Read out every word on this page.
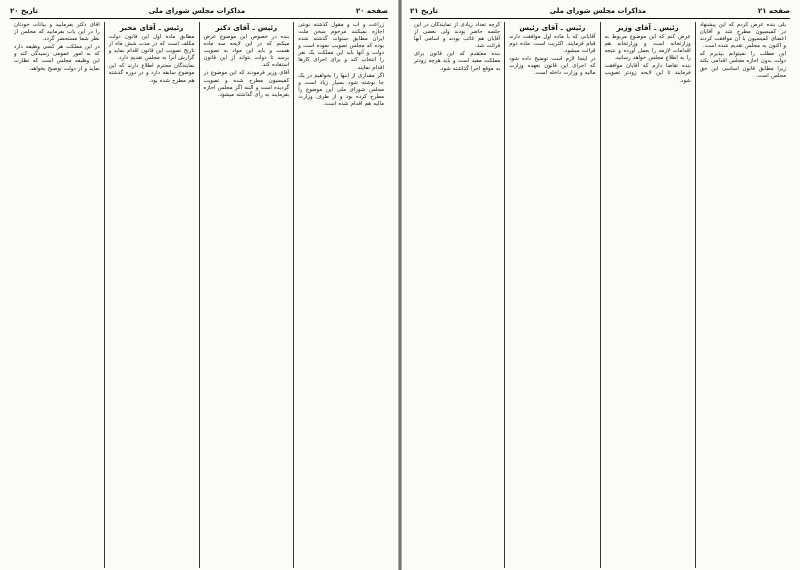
صفحه ۲۰
مذاکرات مجلس شورای ملی
تاریخ ۲۰

زراعت و آب و مقول گذشته نوبتی اجازه نمیکنند مرحوم سخن ملت ایران مطابق سنوات گذشته شده بوده که مجلس تصویب نموده است و دولت و آنها باید این مملکت یک نفر را انتخاب کند و برای اجرای کارها اقدام نمایند.

اگر مقداری از اینها را بخواهیم در یک جا نوشته شود بسیار زیاد است و مجلس شورای ملی این موضوع را مطرح کرده بود و از طرف وزارت مالیه هم اقدام شده است.

رئیس ـ آقای دکتر

بنده در خصوص این موضوع عرض میکنم که در این لایحه سه ماده هست و باید این مواد به تصویب برسد تا دولت بتواند از این قانون استفاده کند.

آقای وزیر فرمودند که این موضوع در کمیسیون مطرح شده و تصویب گردیده است و البته اگر مجلس اجازه بفرمایند به رأی گذاشته میشود.

رئیس ـ آقای مخبر

مطابق ماده اول این قانون دولت مکلف است که در مدت شش ماه از تاریخ تصویب این قانون اقدام نماید و گزارش آنرا به مجلس تقدیم دارد.

نمایندگان محترم اطلاع دارند که این موضوع سابقه دارد و در دوره گذشته هم مطرح شده بود.

آقای دکتر بفرمایید و بیانات خودتان را در این باب بفرمایید که مجلس از نظر شما مستحضر گردد.

در این مملکت هر کسی وظیفه دارد که به امور عمومی رسیدگی کند و این وظیفه مجلس است که نظارت نماید و از دولت توضیح بخواهد.

صفحه ۲۱
مذاکرات مجلس شورای ملی
تاریخ ۲۱

بلی بنده عرض کردم که این پیشنهاد در کمیسیون مطرح شد و آقایان اعضای کمیسیون با آن موافقت کردند و اکنون به مجلس تقدیم شده است.

این مطلب را نمیتوانم بپذیرم که دولت بدون اجازه مجلس اقدامی بکند زیرا مطابق قانون اساسی این حق مجلس است.

رئیس ـ آقای وزیر

عرض کنم که این موضوع مربوط به وزارتخانه است و وزارتخانه هم اقدامات لازمه را بعمل آورده و نتیجه را به اطلاع مجلس خواهد رسانید.

بنده تقاضا دارم که آقایان موافقت فرمایند تا این لایحه زودتر تصویب شود.

رئیس ـ آقای رئیس

آقایانی که با ماده اول موافقت دارند قیام فرمایند. اکثریت است. ماده دوم قرائت میشود.

در اینجا لازم است توضیح داده شود که اجرای این قانون بعهده وزارت مالیه و وزارت داخله است.

گرچه تعداد زیادی از نمایندگان در این جلسه حاضر بودند ولی بعضی از آقایان هم غائب بودند و اسامی آنها قرائت شد.

بنده معتقدم که این قانون برای مملکت مفید است و باید هرچه زودتر به موقع اجرا گذاشته شود.
